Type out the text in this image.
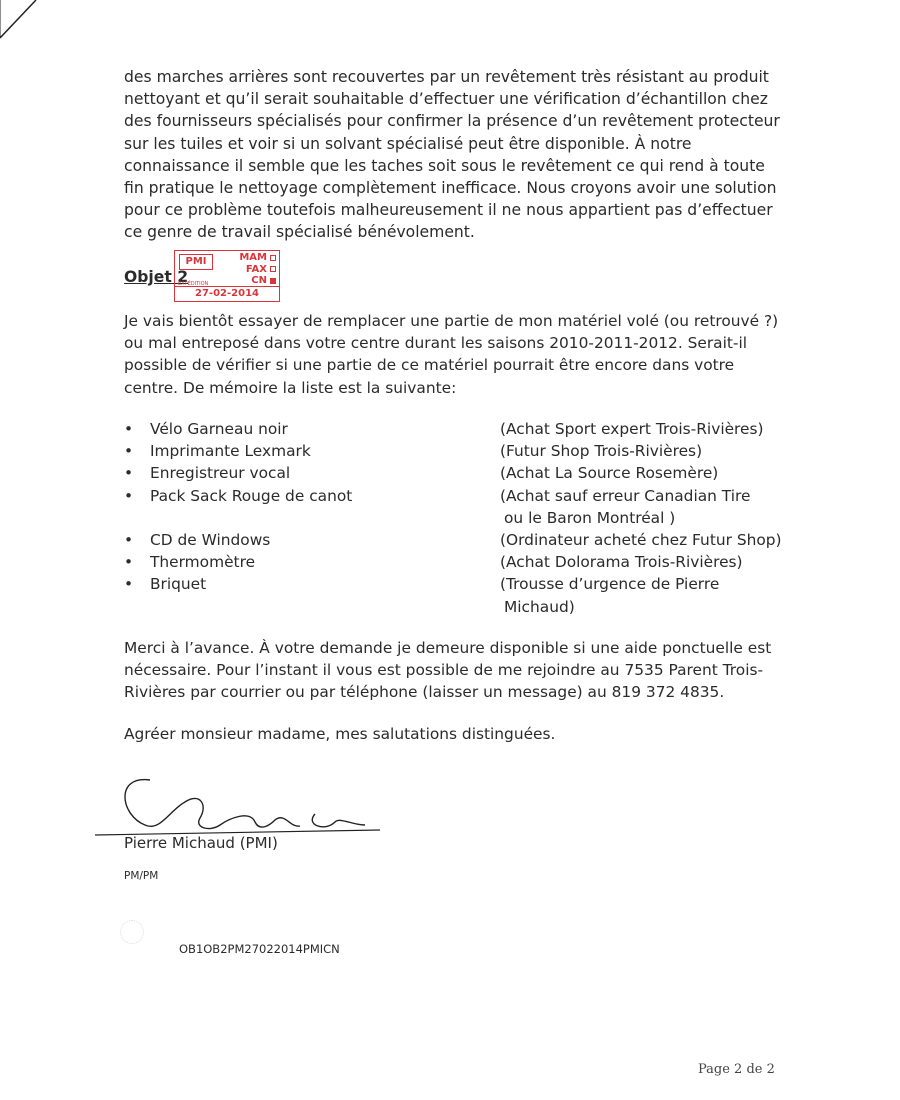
des marches arrières sont recouvertes par un revêtement très résistant au produit nettoyant et qu’il serait souhaitable d’effectuer une vérification d’échantillon chez des fournisseurs spécialisés pour confirmer la présence d’un revêtement protecteur sur les tuiles et voir si un solvant spécialisé peut être disponible. À notre connaissance il semble que les taches soit sous le revêtement ce qui rend à toute fin pratique le nettoyage complètement inefficace. Nous croyons avoir une solution pour ce problème toutefois malheureusement il ne nous appartient pas d’effectuer ce genre de travail spécialisé bénévolement.

Objet 2
PMI	MAM
FAX
CN
EXPÉDITION
27-02-2014

Je vais bientôt essayer de remplacer une partie de mon matériel volé (ou retrouvé ?) ou mal entreposé dans votre centre durant les saisons 2010-2011-2012. Serait-il possible de vérifier si une partie de ce matériel pourrait être encore dans votre centre. De mémoire la liste est la suivante:

•	Vélo Garneau noir	(Achat Sport expert Trois-Rivières)
•	Imprimante Lexmark	(Futur Shop Trois-Rivières)
•	Enregistreur vocal	(Achat La Source Rosemère)
•	Pack Sack Rouge de canot	(Achat sauf erreur Canadian Tire
ou le Baron Montréal )
•	CD de Windows	(Ordinateur acheté chez Futur Shop)
•	Thermomètre	(Achat Dolorama Trois-Rivières)
•	Briquet	(Trousse d’urgence de Pierre
Michaud)

Merci à l’avance. À votre demande je demeure disponible si une aide ponctuelle est nécessaire. Pour l’instant il vous est possible de me rejoindre au 7535 Parent Trois-Rivières par courrier ou par téléphone (laisser un message) au 819 372 4835.

Agréer monsieur madame, mes salutations distinguées.

Pierre Michaud (PMI)
PM/PM
OB1OB2PM27022014PMICN
Page 2 de 2
